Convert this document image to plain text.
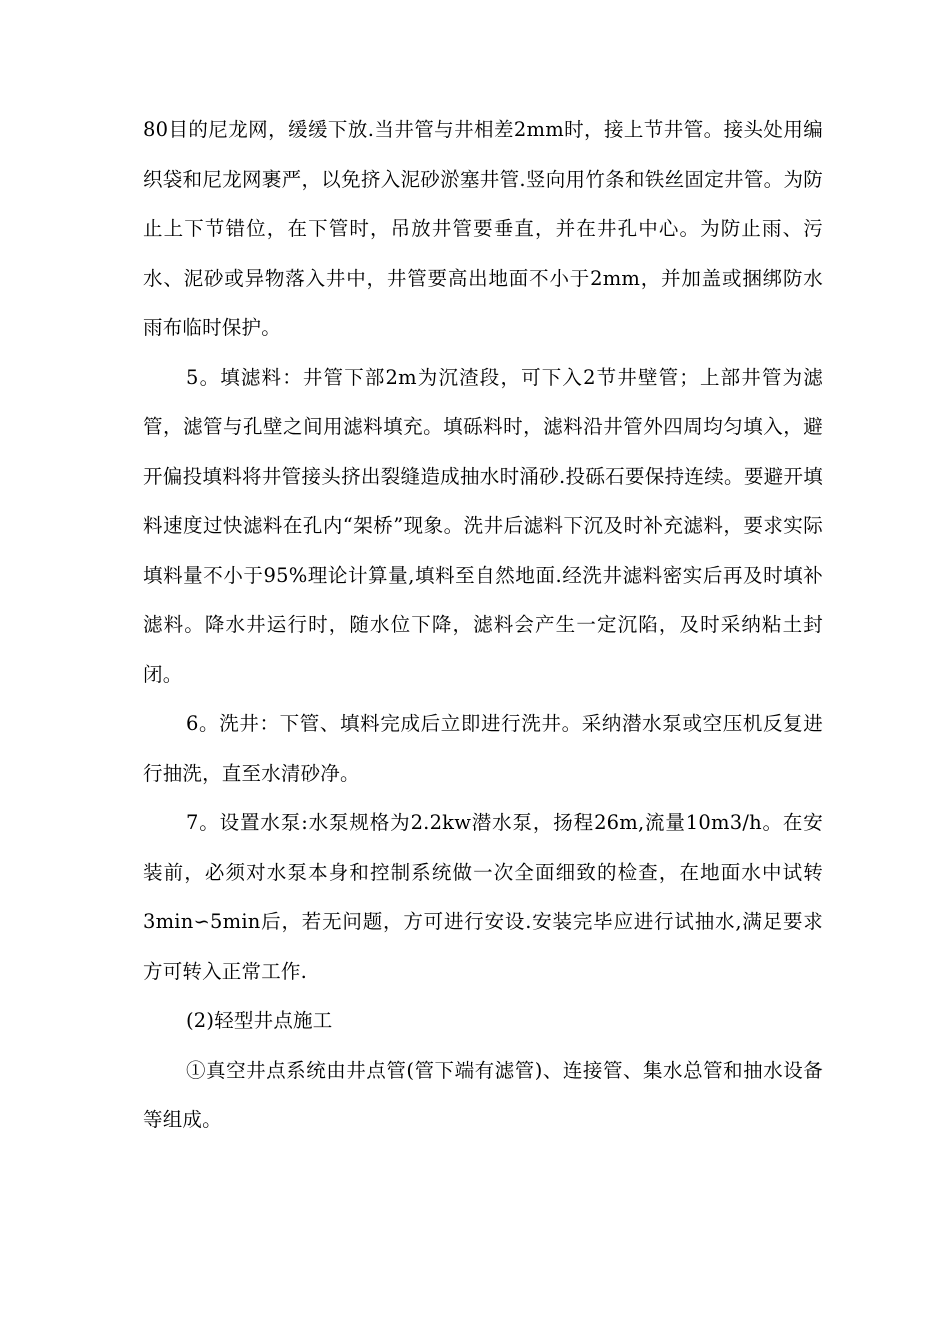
80目的尼龙网，缓缓下放.当井管与井相差2mm时，接上节井管。接头处用编织袋和尼龙网裹严，以免挤入泥砂淤塞井管.竖向用竹条和铁丝固定井管。为防止上下节错位，在下管时，吊放井管要垂直，并在井孔中心。为防止雨、污水、泥砂或异物落入井中，井管要高出地面不小于2mm，并加盖或捆绑防水雨布临时保护。

5。填滤料：井管下部2m为沉渣段，可下入2节井壁管；上部井管为滤管，滤管与孔壁之间用滤料填充。填砾料时，滤料沿井管外四周均匀填入，避开偏投填料将井管接头挤出裂缝造成抽水时涌砂.投砾石要保持连续。要避开填料速度过快滤料在孔内“架桥”现象。洗井后滤料下沉及时补充滤料，要求实际填料量不小于95%理论计算量,填料至自然地面.经洗井滤料密实后再及时填补滤料。降水井运行时，随水位下降，滤料会产生一定沉陷，及时采纳粘土封闭。

6。洗井：下管、填料完成后立即进行洗井。采纳潜水泵或空压机反复进行抽洗，直至水清砂净。

7。设置水泵:水泵规格为2.2kw潜水泵，扬程26m,流量10m3/h。在安装前，必须对水泵本身和控制系统做一次全面细致的检查，在地面水中试转3min∽5min后，若无问题，方可进行安设.安装完毕应进行试抽水,满足要求方可转入正常工作.

(2)轻型井点施工

①真空井点系统由井点管(管下端有滤管)、连接管、集水总管和抽水设备等组成。
